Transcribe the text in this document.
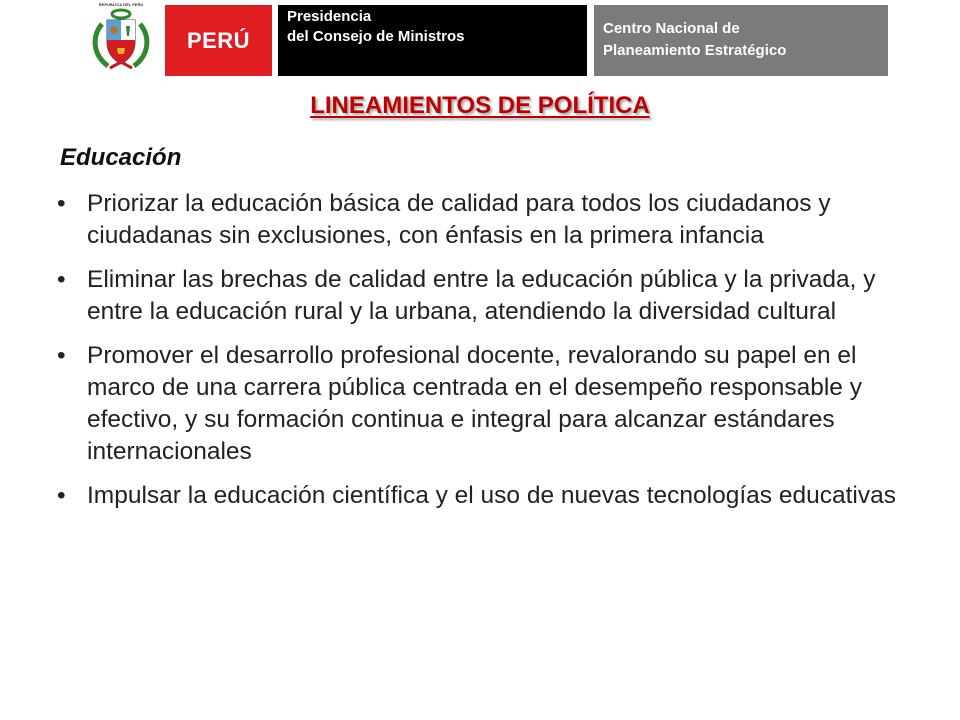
REPUBLICA DEL PERU
PERÚ
Presidencia
del Consejo de Ministros	Centro Nacional de
Planeamiento Estratégico
LINEAMIENTOS DE POLÍTICA
Educación
• Priorizar la educación básica de calidad para todos los ciudadanos y ciudadanas sin exclusiones, con énfasis en la primera infancia
• Eliminar las brechas de calidad entre la educación pública y la privada, y entre la educación rural y la urbana, atendiendo la diversidad cultural
• Promover el desarrollo profesional docente, revalorando su papel en el marco de una carrera pública centrada en el desempeño responsable y efectivo, y su formación continua e integral para alcanzar estándares internacionales
• Impulsar la educación científica y el uso de nuevas tecnologías educativas
